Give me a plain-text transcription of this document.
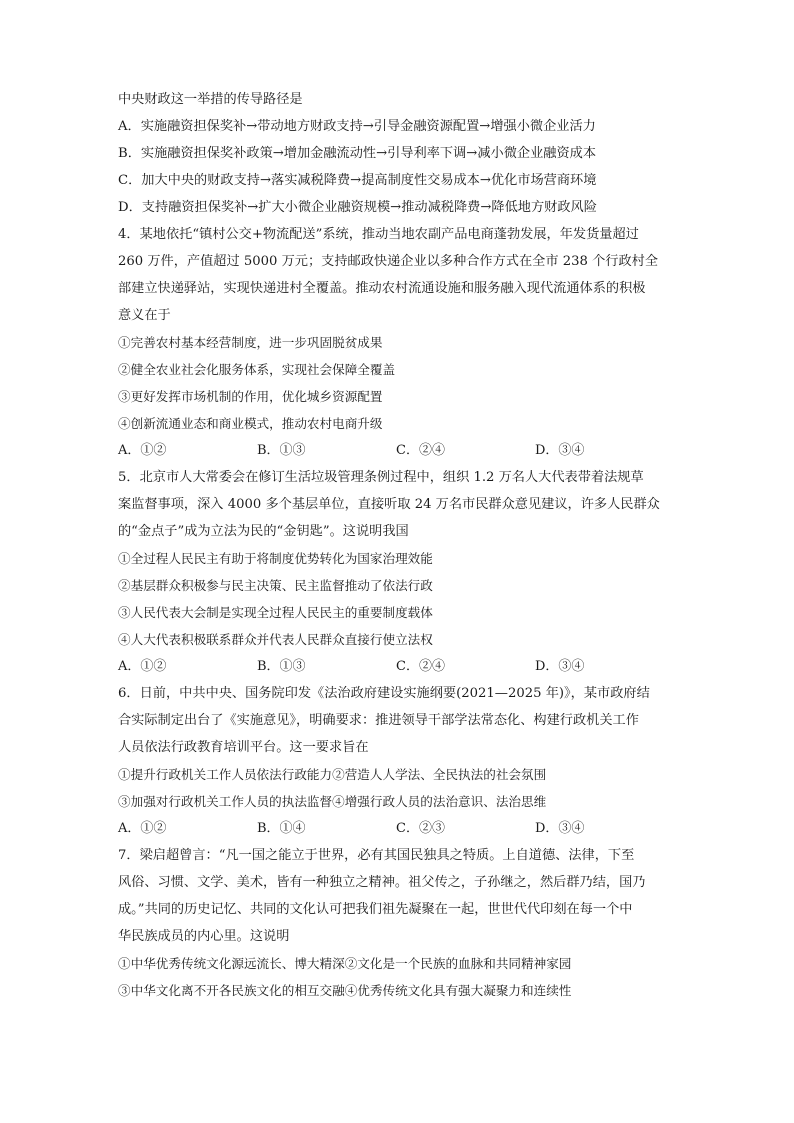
中央财政这一举措的传导路径是

A．实施融资担保奖补→带动地方财政支持→引导金融资源配置→增强小微企业活力

B．实施融资担保奖补政策→增加金融流动性→引导利率下调→减小微企业融资成本

C．加大中央的财政支持→落实减税降费→提高制度性交易成本→优化市场营商环境

D．支持融资担保奖补→扩大小微企业融资规模→推动减税降费→降低地方财政风险

4．某地依托“镇村公交+物流配送”系统，推动当地农副产品电商蓬勃发展，年发货量超过

260 万件，产值超过 5000 万元；支持邮政快递企业以多种合作方式在全市 238 个行政村全

部建立快递驿站，实现快递进村全覆盖。推动农村流通设施和服务融入现代流通体系的积极

意义在于

①完善农村基本经营制度，进一步巩固脱贫成果

②健全农业社会化服务体系，实现社会保障全覆盖

③更好发挥市场机制的作用，优化城乡资源配置

④创新流通业态和商业模式，推动农村电商升级

A．①②	B．①③	C．②④	D．③④

5．北京市人大常委会在修订生活垃圾管理条例过程中，组织 1.2 万名人大代表带着法规草

案监督事项，深入 4000 多个基层单位，直接听取 24 万名市民群众意见建议，许多人民群众

的“金点子”成为立法为民的“金钥匙”。这说明我国

①全过程人民民主有助于将制度优势转化为国家治理效能

②基层群众积极参与民主决策、民主监督推动了依法行政

③人民代表大会制是实现全过程人民民主的重要制度载体

④人大代表积极联系群众并代表人民群众直接行使立法权

A．①②	B．①③	C．②④	D．③④

6．日前，中共中央、国务院印发《法治政府建设实施纲要(2021—2025 年)》，某市政府结

合实际制定出台了《实施意见》，明确要求：推进领导干部学法常态化、构建行政机关工作

人员依法行政教育培训平台。这一要求旨在

①提升行政机关工作人员依法行政能力②营造人人学法、全民执法的社会氛围

③加强对行政机关工作人员的执法监督④增强行政人员的法治意识、法治思维

A．①②	B．①④	C．②③	D．③④

7．梁启超曾言：“凡一国之能立于世界，必有其国民独具之特质。上自道德、法律，下至

风俗、习惯、文学、美术，皆有一种独立之精神。祖父传之，子孙继之，然后群乃结，国乃

成。”共同的历史记忆、共同的文化认可把我们祖先凝聚在一起，世世代代印刻在每一个中

华民族成员的内心里。这说明

①中华优秀传统文化源远流长、博大精深②文化是一个民族的血脉和共同精神家园

③中华文化离不开各民族文化的相互交融④优秀传统文化具有强大凝聚力和连续性
